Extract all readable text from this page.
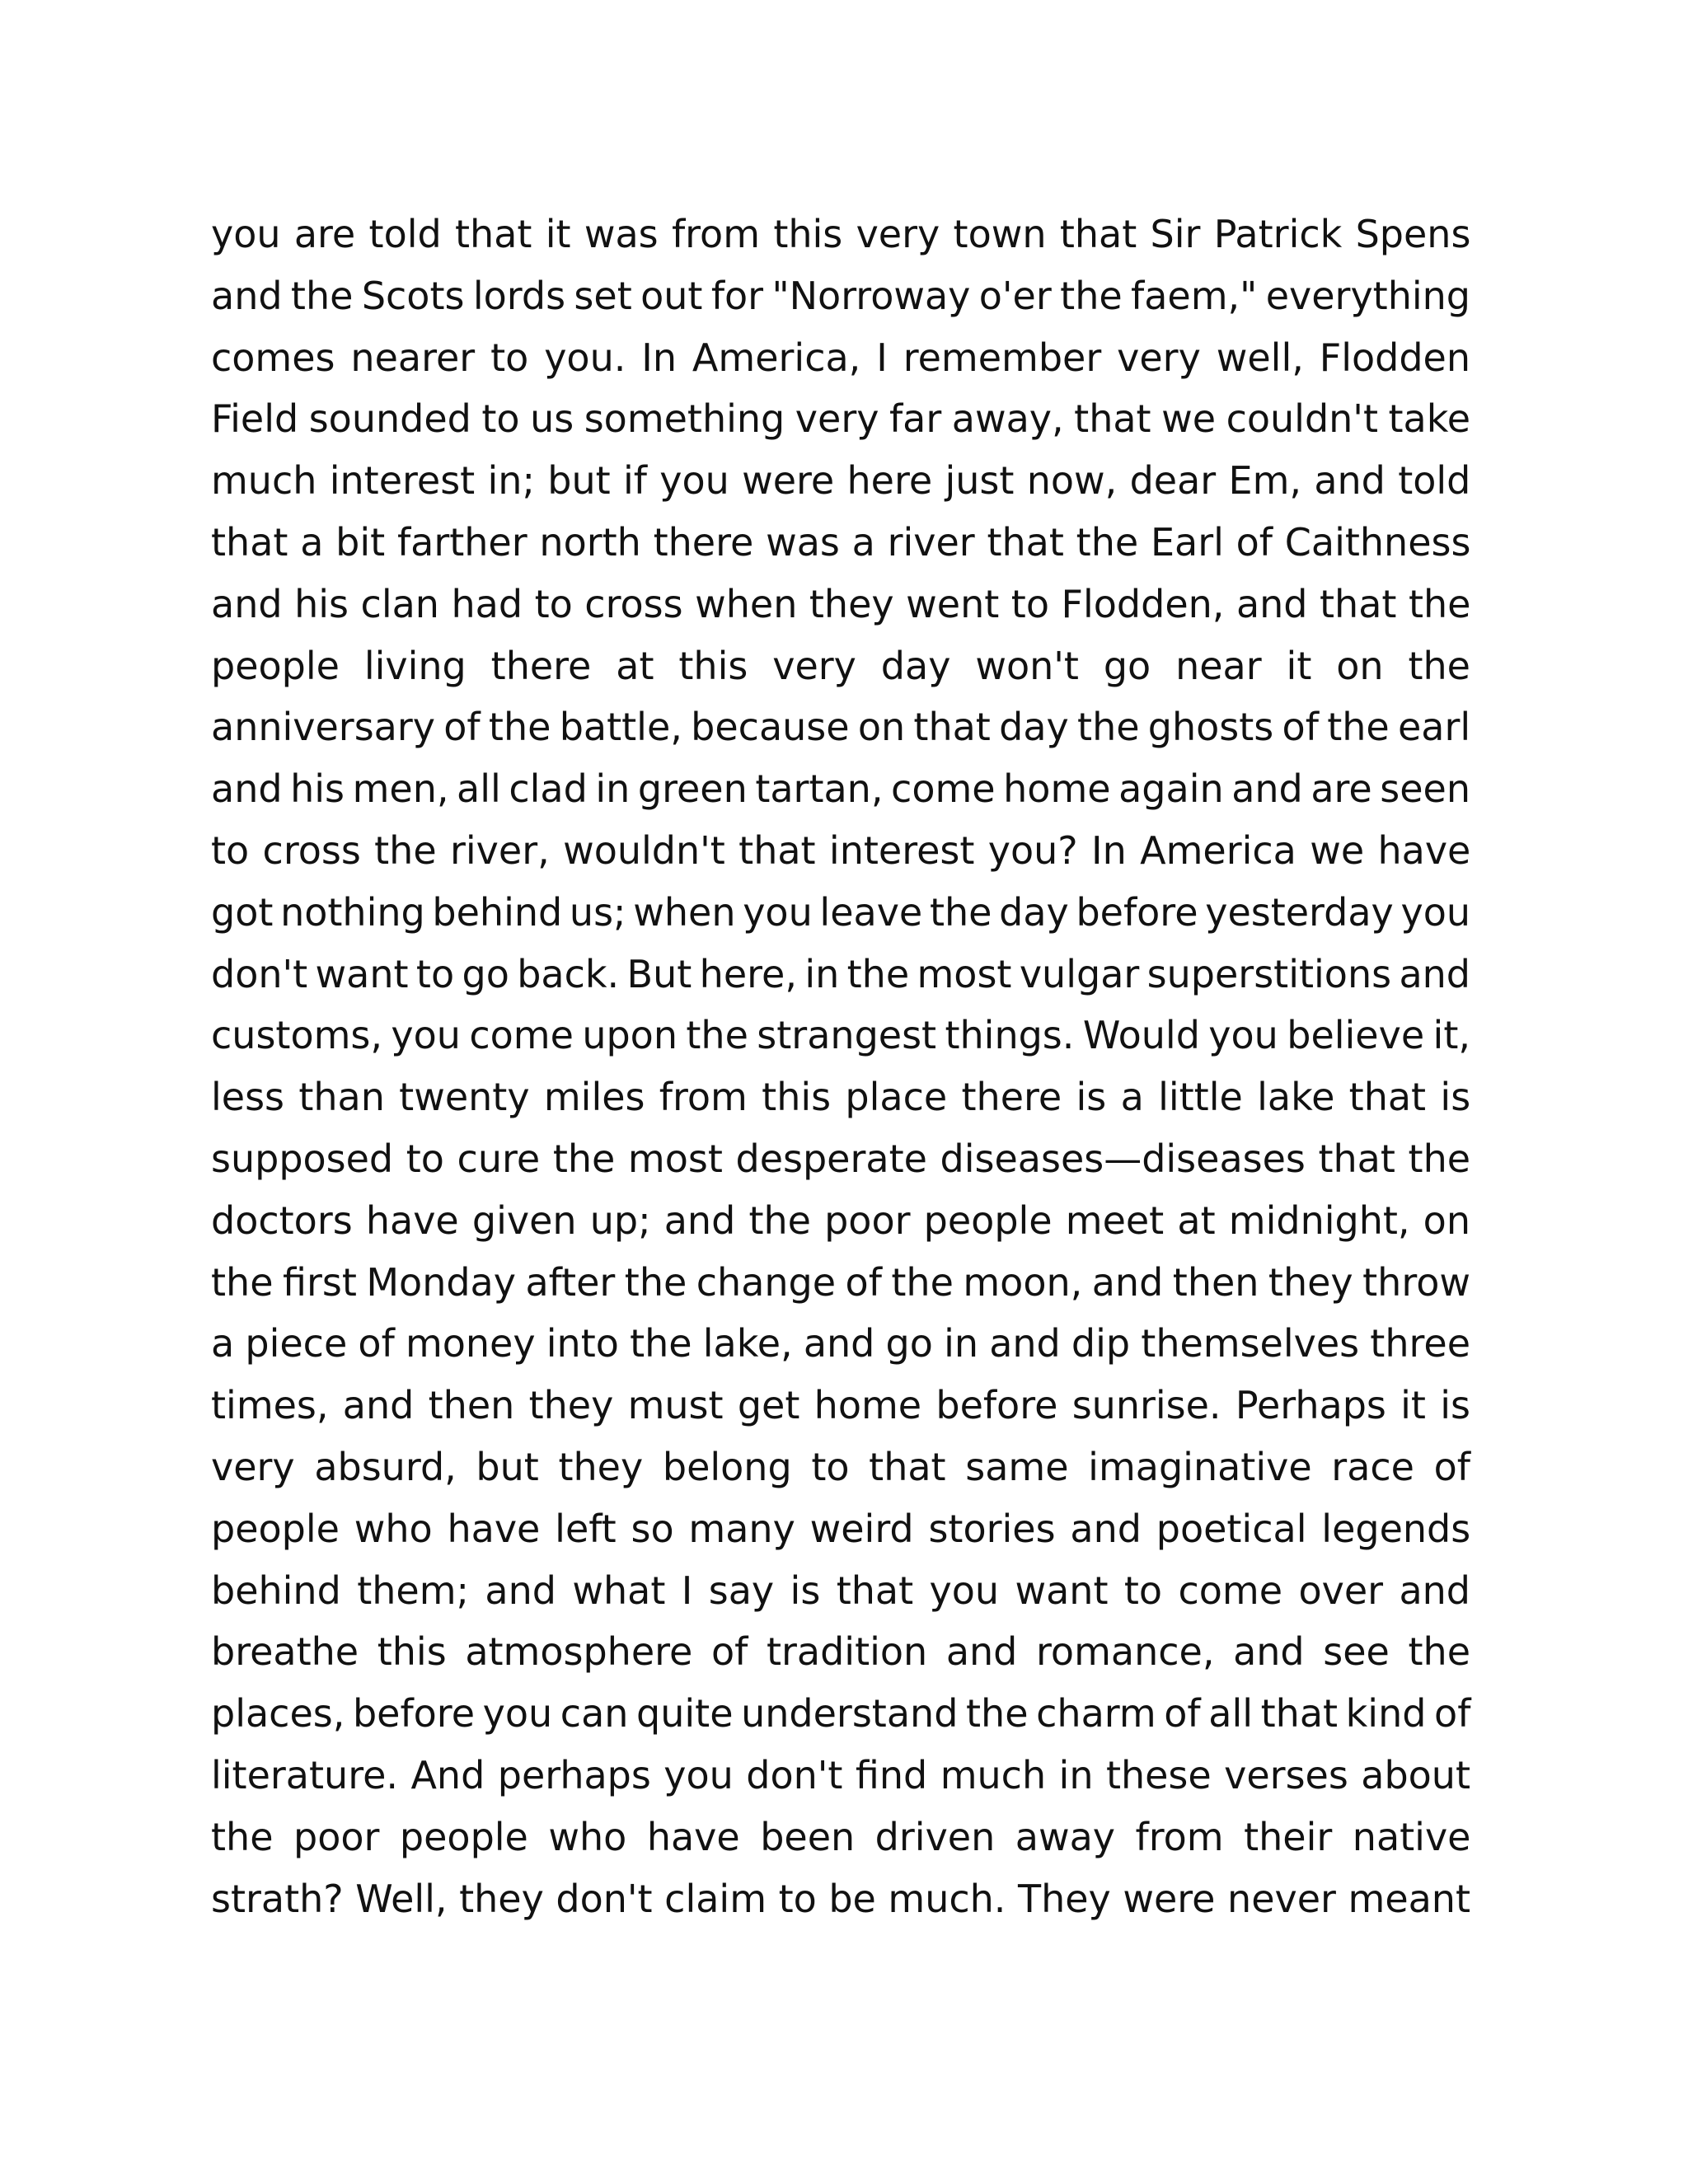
you are told that it was from this very town that Sir Patrick Spens
and the Scots lords set out for "Norroway o'er the faem," everything
comes nearer to you. In America, I remember very well, Flodden
Field sounded to us something very far away, that we couldn't take
much interest in; but if you were here just now, dear Em, and told
that a bit farther north there was a river that the Earl of Caithness
and his clan had to cross when they went to Flodden, and that the
people living there at this very day won't go near it on the
anniversary of the battle, because on that day the ghosts of the earl
and his men, all clad in green tartan, come home again and are seen
to cross the river, wouldn't that interest you? In America we have
got nothing behind us; when you leave the day before yesterday you
don't want to go back. But here, in the most vulgar superstitions and
customs, you come upon the strangest things. Would you believe it,
less than twenty miles from this place there is a little lake that is
supposed to cure the most desperate diseases—diseases that the
doctors have given up; and the poor people meet at midnight, on
the first Monday after the change of the moon, and then they throw
a piece of money into the lake, and go in and dip themselves three
times, and then they must get home before sunrise. Perhaps it is
very absurd, but they belong to that same imaginative race of
people who have left so many weird stories and poetical legends
behind them; and what I say is that you want to come over and
breathe this atmosphere of tradition and romance, and see the
places, before you can quite understand the charm of all that kind of
literature. And perhaps you don't find much in these verses about
the poor people who have been driven away from their native
strath? Well, they don't claim to be much. They were never meant
